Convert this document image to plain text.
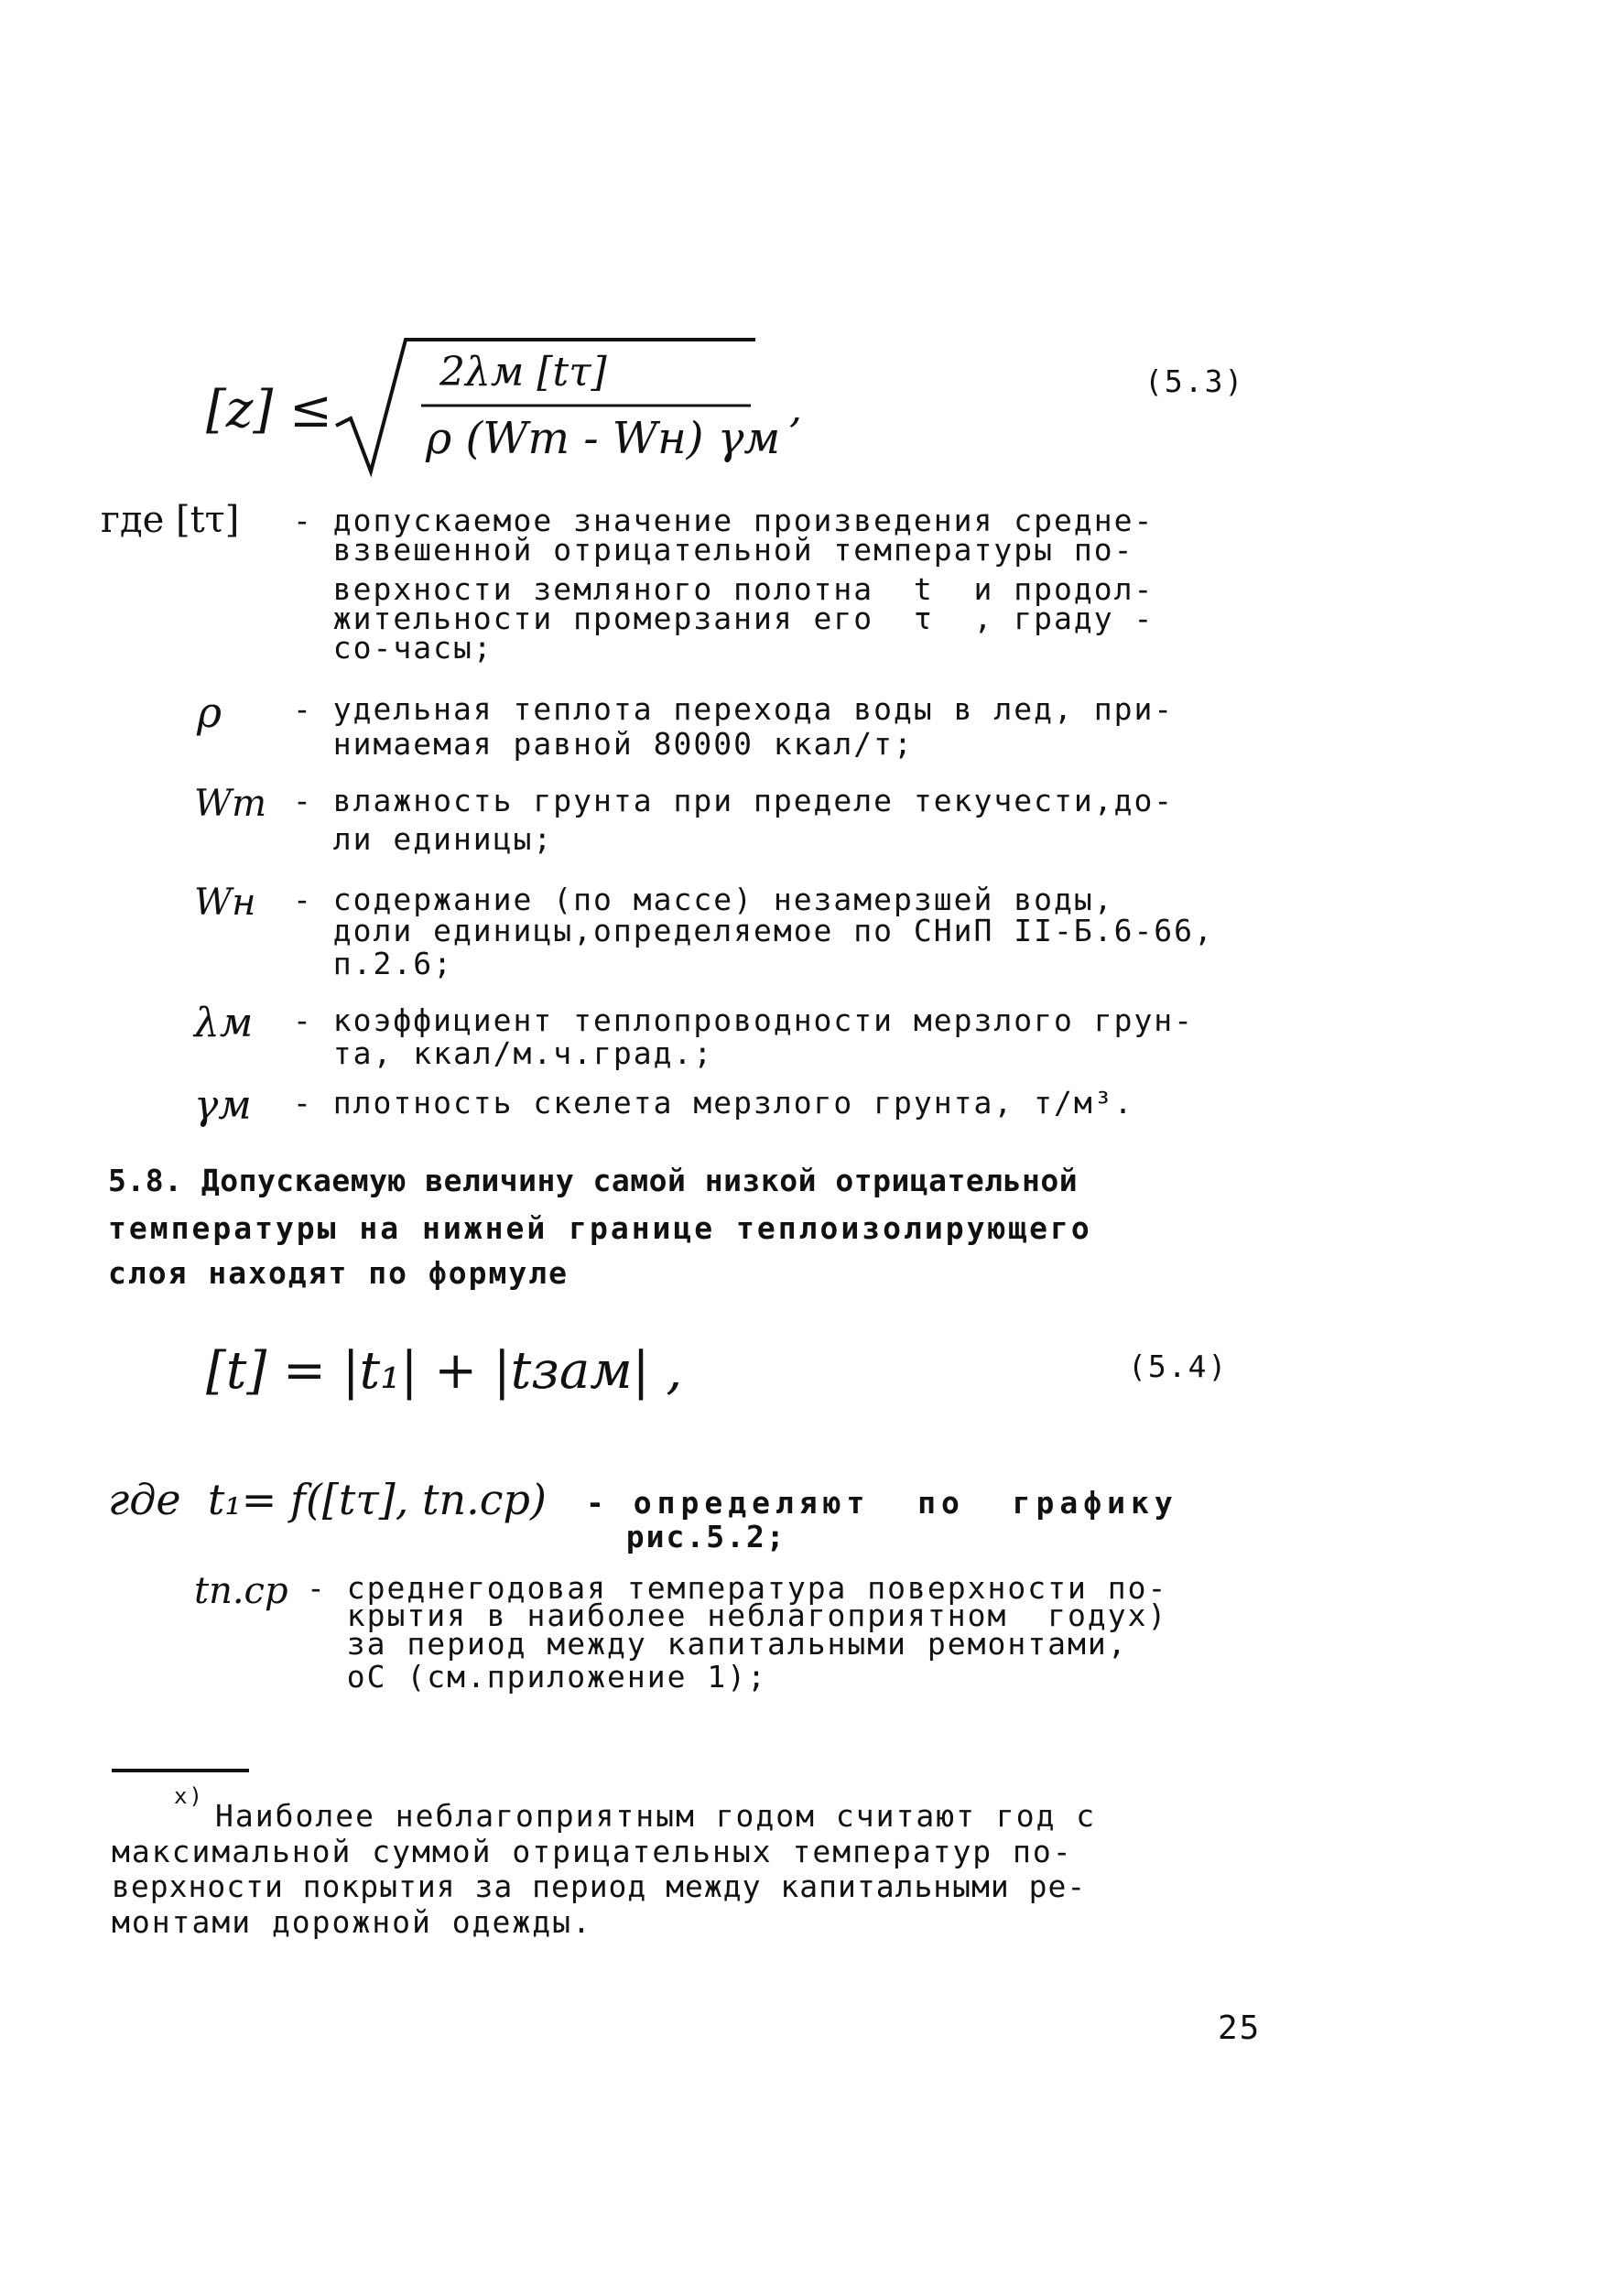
[z] ≤
2λм [tτ]
ρ (Wт - Wн) γм
,
(5.3)
где [tτ] - допускаемое значение произведения средне-
взвешенной отрицательной температуры по-
верхности земляного полотна  t  и продол-
жительности промерзания его  τ  , граду -
со-часы;
ρ - удельная теплота перехода воды в лед, при-
нимаемая равной 80000 ккал/т;
Wт - влажность грунта при пределе текучести,до-
ли единицы;
Wн - содержание (по массе) незамерзшей воды,
доли единицы,определяемое по СНиП II-Б.6-66,
п.2.6;
λм - коэффициент теплопроводности мерзлого грун-
та, ккал/м.ч.град.;
γм - плотность скелета мерзлого грунта, т/м³.
5.8. Допускаемую величину самой низкой отрицательной
температуры на нижней границе теплоизолирующего
слоя находят по формуле
[t] = |t₁| + |tзам| ,	(5.4)
где  t₁= f([tτ], tп.ср) - определяют  по  графику
рис.5.2;
tп.ср - среднегодовая температура поверхности по-
крытия в наиболее неблагоприятном  годух)
за период между капитальными ремонтами,
оС (см.приложение 1);
х)
Наиболее неблагоприятным годом считают год с
максимальной суммой отрицательных температур по-
верхности покрытия за период между капитальными ре-
монтами дорожной одежды.
25
